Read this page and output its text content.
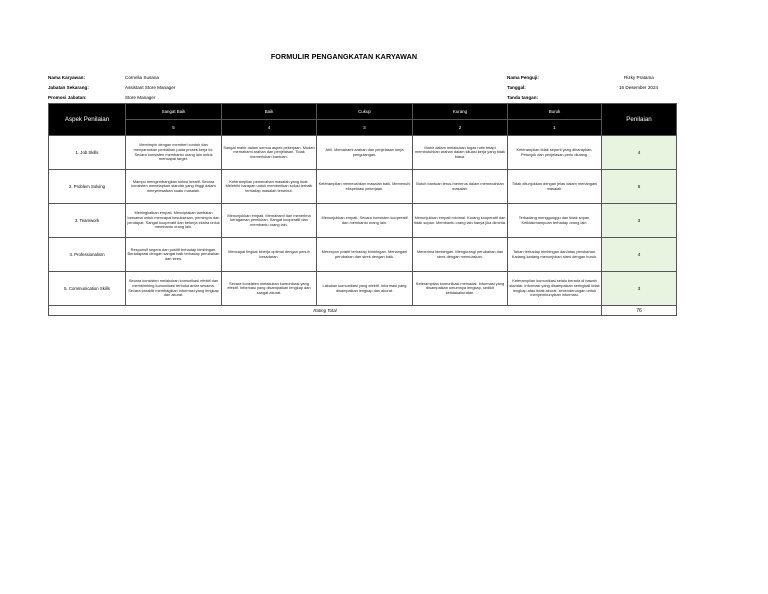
FORMULIR PENGANGKATAN KARYAWAN
Nama Karyawan:	Cornelia Susana
Jabatan Sekarang:	Assistant Store Manager
Promosi Jabatan:	Store Manager
Nama Penguji:	Rizky Pratama
Tanggal:	16 Desember 2024
Tanda tangan:
Aspek Penilaian	Sangat Baik	Baik	Cukup	Kurang	Buruk	Penilaian
	5	4	3	2	1	
1. Job Skills	Memimpin dengan memberi contoh dan menyarankan perbaikan pada proses kerja ini. Secara konsisten membantu orang lain untuk mencapai target.	Sangat mahir dalam semua aspek pekerjaan. Mudah memahami arahan dan penjelasan. Tidak memerlukan bantuan.	Ahli. Memahami arahan dan penjelasan kerja pengulangan.	Mahir dalam melakukan tugas rutin tetapi membutuhkan arahan dalam situasi kerja yang tidak biasa.	Keterampilan tidak seperti yang diharapkan. Petunjuk dan penjelasan perlu diulang.	4
2. Problem Solving	Mampu mengembangkan solusi kreatif. Secara konsisten menetapkan standar yang tinggi dalam menyelesaikan suatu masalah.	Keterampilan pemecahan masalah yang kuat. Melebihi harapan untuk memberikan solusi terbaik terhadap masalah tersebut.	Keterampilan memecahkan masalah baik. Memenuhi ekspektasi pekerjaan.	Butuh bantuan terus-menerus dalam memecahkan masalah.	Tidak ditunjukkan dengan jelas dalam menangani masalah.	5
3. Teamwork	Meningkatkan empati. Menciptakan lambaian bersama untuk mencapai kesuksesan, pemimpin dan pendapat. Sangat kooperatif dan bekerja ekstra untuk membantu orang lain.	Menunjukkan empati. Memahami dan menerima keragaman pemikiran. Sangat kooperatif dan membantu orang lain.	Menunjukkan empati. Secara konsisten kooperatif dan membantu orang lain.	Menunjukkan empati minimal. Kurang kooperatif dan tidak sopan. Membantu orang lain hanya jika diminta.	Terkadang menggunggu dan tidak sopan. Ketidakmampuan terhadap orang lain.	3
4. Professionalism	Responsif segera dan positif terhadap bimbingan. Beradaptasi dengan sangat baik terhadap perubahan dan stres.	Mencapai tingkat kinerja optimal dengan penuh kesadaran.	Merespon positif terhadap bimbingan. Menangani perubahan dan stres dengan baik.	Menerima bimbingan. Mengurangi perubahan dan stres dengan memuaskan.	Tahan terhadap bimbingan dan/atau perubahan. Kadang-kadang menunjukan stres dengan buruk.	4
5. Communication Skills	Secara konsisten melakukan komunikasi efektif dan membimbing komunikasi terbuka antar sesama. Secara proaktif membagikan informasi yang lengkap dan akurat.	Secara konsisten melakukan komunikasi yang efektif. Informasi yang disampaikan lengkap dan sangat akurat.	Lakukan komunikasi yang efektif. Informasi yang disampaikan lengkap dan akurat.	Keterampilan komunikasi memadai. Informasi yang disampaikan umumnya lengkap, sedikit ketidakakuratan.	Keterampilan komunikasi selalu berada di bawah standar. Informasi yang disampaikan seringkali tidak lengkap atau tidak akurat. kecenderungan untuk menyembunyikan informasi.	3
Rating Total						76
